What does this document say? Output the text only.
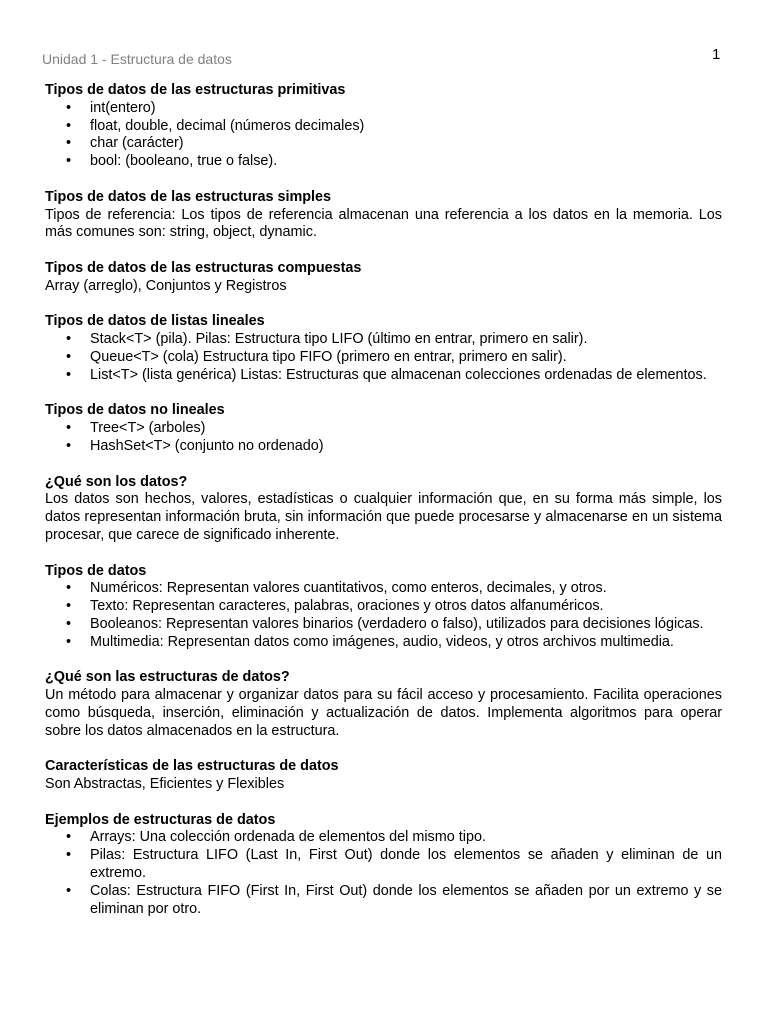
Unidad 1 - Estructura de datos	1

Tipos de datos de las estructuras primitivas

• int(entero)
• float, double, decimal (números decimales)
• char (carácter)
• bool: (booleano, true o false).

Tipos de datos de las estructuras simples

Tipos de referencia: Los tipos de referencia almacenan una referencia a los datos en la memoria. Los más comunes son: string, object, dynamic.

Tipos de datos de las estructuras compuestas

Array (arreglo), Conjuntos y Registros

Tipos de datos de listas lineales

• Stack<T> (pila). Pilas: Estructura tipo LIFO (último en entrar, primero en salir).
• Queue<T> (cola) Estructura tipo FIFO (primero en entrar, primero en salir).
• List<T> (lista genérica) Listas: Estructuras que almacenan colecciones ordenadas de elementos.

Tipos de datos no lineales

• Tree<T> (arboles)
• HashSet<T> (conjunto no ordenado)

¿Qué son los datos?

Los datos son hechos, valores, estadísticas o cualquier información que, en su forma más simple, los datos representan información bruta, sin información que puede procesarse y almacenarse en un sistema procesar, que carece de significado inherente.

Tipos de datos

• Numéricos: Representan valores cuantitativos, como enteros, decimales, y otros.
• Texto: Representan caracteres, palabras, oraciones y otros datos alfanuméricos.
• Booleanos: Representan valores binarios (verdadero o falso), utilizados para decisiones lógicas.
• Multimedia: Representan datos como imágenes, audio, videos, y otros archivos multimedia.

¿Qué son las estructuras de datos?

Un método para almacenar y organizar datos para su fácil acceso y procesamiento. Facilita operaciones como búsqueda, inserción, eliminación y actualización de datos. Implementa algoritmos para operar sobre los datos almacenados en la estructura.

Características de las estructuras de datos

Son Abstractas, Eficientes y Flexibles

Ejemplos de estructuras de datos

• Arrays: Una colección ordenada de elementos del mismo tipo.
• Pilas: Estructura LIFO (Last In, First Out) donde los elementos se añaden y eliminan de un extremo.
• Colas: Estructura FIFO (First In, First Out) donde los elementos se añaden por un extremo y se eliminan por otro.
